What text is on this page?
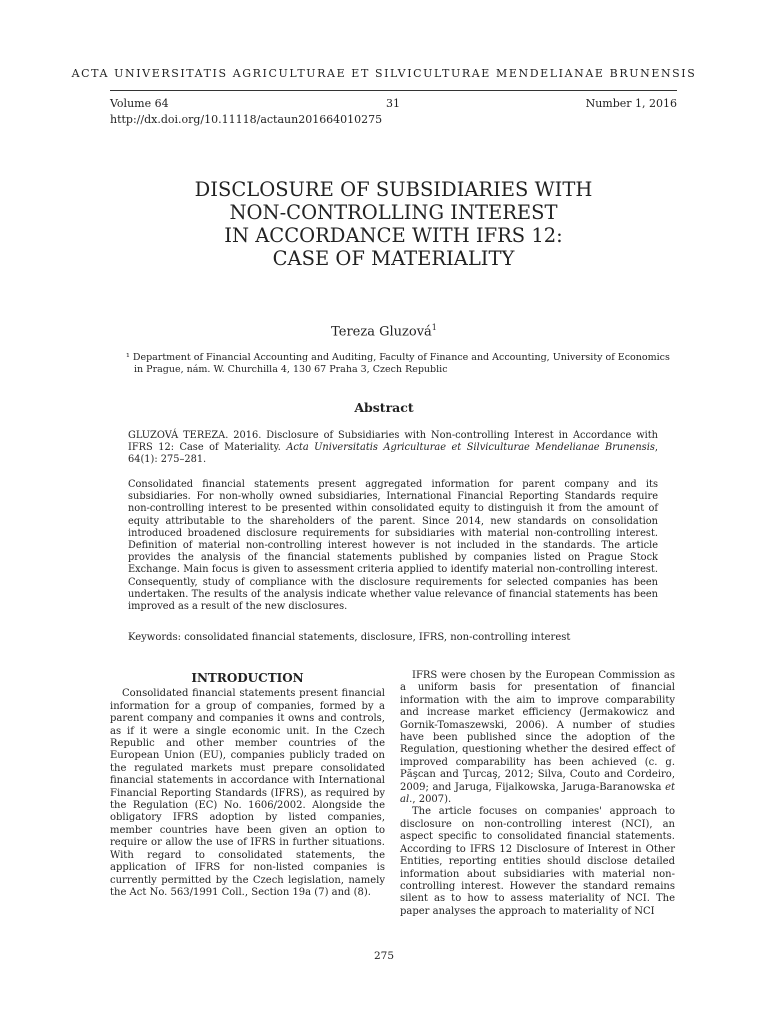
ACTA UNIVERSITATIS AGRICULTURAE ET SILVICULTURAE MENDELIANAE BRUNENSIS
Volume 64	31	Number 1, 2016
http://dx.doi.org/10.11118/actaun201664010275
DISCLOSURE OF SUBSIDIARIES WITH
NON-CONTROLLING INTEREST
IN ACCORDANCE WITH IFRS 12:
CASE OF MATERIALITY
Tereza Gluzová$^1$
¹ Department of Financial Accounting and Auditing, Faculty of Finance and Accounting, University of Economics
in Prague, nám. W. Churchilla 4, 130 67 Praha 3, Czech Republic
Abstract
GLUZOVÁ TEREZA. 2016. Disclosure of Subsidiaries with Non-controlling Interest in Accordance with IFRS 12: Case of Materiality. Acta Universitatis Agriculturae et Silviculturae Mendelianae Brunensis, 64(1): 275–281.
Consolidated financial statements present aggregated information for parent company and its subsidiaries. For non-wholly owned subsidiaries, International Financial Reporting Standards require non-controlling interest to be presented within consolidated equity to distinguish it from the amount of equity attributable to the shareholders of the parent. Since 2014, new standards on consolidation introduced broadened disclosure requirements for subsidiaries with material non-controlling interest. Definition of material non-controlling interest however is not included in the standards. The article provides the analysis of the financial statements published by companies listed on Prague Stock Exchange. Main focus is given to assessment criteria applied to identify material non-controlling interest. Consequently, study of compliance with the disclosure requirements for selected companies has been undertaken. The results of the analysis indicate whether value relevance of financial statements has been improved as a result of the new disclosures.
Keywords: consolidated financial statements, disclosure, IFRS, non-controlling interest
INTRODUCTION

Consolidated financial statements present financial information for a group of companies, formed by a parent company and companies it owns and controls, as if it were a single economic unit. In the Czech Republic and other member countries of the European Union (EU), companies publicly traded on the regulated markets must prepare consolidated financial statements in accordance with International Financial Reporting Standards (IFRS), as required by the Regulation (EC) No. 1606/2002. Alongside the obligatory IFRS adoption by listed companies, member countries have been given an option to require or allow the use of IFRS in further situations. With regard to consolidated statements, the application of IFRS for non-listed companies is currently permitted by the Czech legislation, namely the Act No. 563/1991 Coll., Section 19a (7) and (8).

IFRS were chosen by the European Commission as a uniform basis for presentation of financial information with the aim to improve comparability and increase market efficiency (Jermakowicz and Gornik-Tomaszewski, 2006). A number of studies have been published since the adoption of the Regulation, questioning whether the desired effect of improved comparability has been achieved (c. g. Păşcan and Ţurcaş, 2012; Silva, Couto and Cordeiro, 2009; and Jaruga, Fijalkowska, Jaruga-Baranowska et al., 2007).

The article focuses on companies' approach to disclosure on non-controlling interest (NCI), an aspect specific to consolidated financial statements. According to IFRS 12 Disclosure of Interest in Other Entities, reporting entities should disclose detailed information about subsidiaries with material non-controlling interest. However the standard remains silent as to how to assess materiality of NCI. The paper analyses the approach to materiality of NCI

275
